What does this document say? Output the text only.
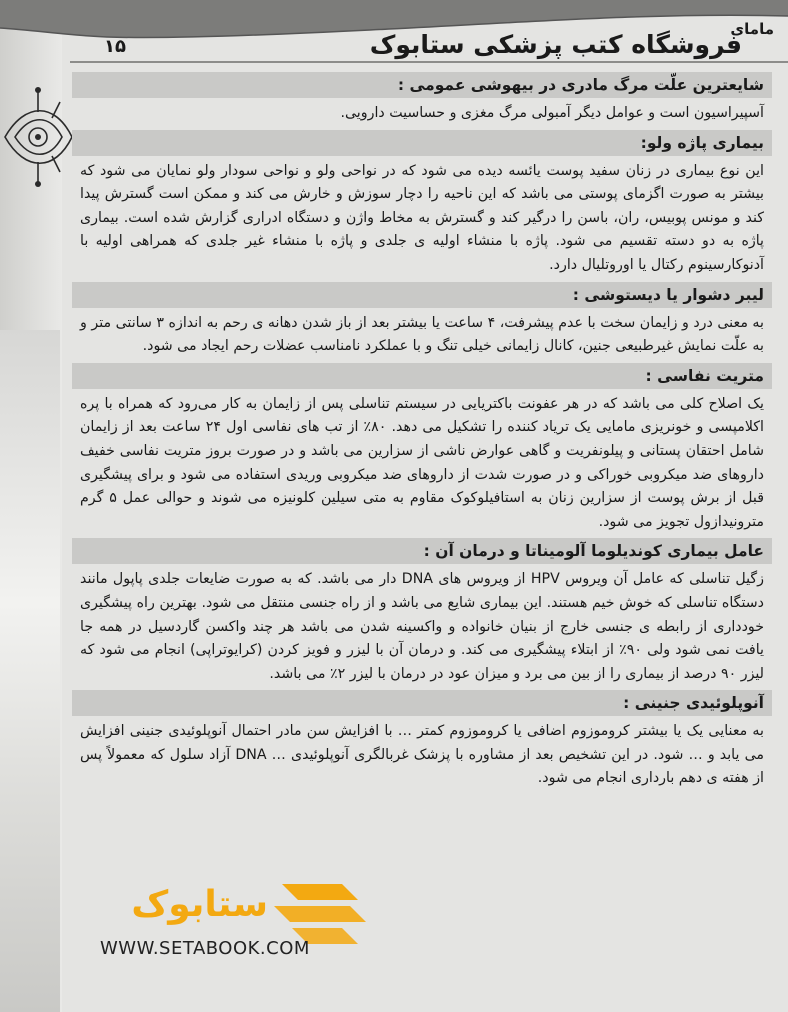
مامای
فروشگاه کتب پزشکی ستابوک
۱۵
شایعترین علّت مرگ مادری در بیهوشی عمومی :

آسپیراسیون است و عوامل دیگر آمبولی مرگ مغزی و حساسیت دارویی.

بیماری پاژه ولو:

این نوع بیماری در زنان سفید پوست یائسه دیده می شود که در نواحی ولو و نواحی سودار ولو نمایان می شود که بیشتر به صورت اگزمای پوستی می باشد که این ناحیه را دچار سوزش و خارش می کند و ممکن است گسترش پیدا کند و مونس پوبیس، ران، باسن را درگیر کند و گسترش به مخاط واژن و دستگاه ادراری گزارش شده است. بیماری پاژه به دو دسته تقسیم می شود. پاژه با منشاء اولیه ی جلدی و پاژه با منشاء غیر جلدی که همراهی اولیه با آدنوکارسینوم رکتال یا اوروتلیال دارد.

لیبر دشوار یا دیستوشی :

به معنی درد و زایمان سخت با عدم پیشرفت، ۴ ساعت یا بیشتر بعد از باز شدن دهانه ی رحم به اندازه ۳ سانتی متر و به علّت نمایش غیرطبیعی جنین، کانال زایمانی خیلی تنگ و با عملکرد نامناسب عضلات رحم ایجاد می شود.

متریت نفاسی :

یک اصلاح کلی می باشد که در هر عفونت باکتریایی در سیستم تناسلی پس از زایمان به کار می‌رود که همراه با پره اکلامپسی و خونریزی مامایی یک تریاد کننده را تشکیل می دهد. ۸۰٪ از تب های نفاسی اول ۲۴ ساعت بعد از زایمان شامل احتقان پستانی و پیلونفریت و گاهی عوارض ناشی از سزارین می باشد و در صورت بروز متریت نفاسی خفیف داروهای ضد میکروبی خوراکی و در صورت شدت از داروهای ضد میکروبی وریدی استفاده می شود و برای پیشگیری قبل از برش پوست از سزارین زنان به استافیلوکوک مقاوم به متی سیلین کلونیزه می شوند و حوالی عمل ۵ گرم مترونیدازول تجویز می شود.

عامل بیماری کوندیلوما آلومیناتا و درمان آن :

زگیل تناسلی که عامل آن ویروس HPV از ویروس های DNA دار می باشد. که به صورت ضایعات جلدی پاپول مانند دستگاه تناسلی که خوش خیم هستند. این بیماری شایع می باشد و از راه جنسی منتقل می شود. بهترین راه پیشگیری خودداری از رابطه ی جنسی خارج از بنیان خانواده و واکسینه شدن می باشد هر چند واکسن گاردسیل در همه جا یافت نمی شود ولی ۹۰٪ از ابتلاء پیشگیری می کند. و درمان آن با لیزر و فویز کردن (کرایوتراپی) انجام می شود که لیزر ۹۰ درصد از بیماری را از بین می برد و میزان عود در درمان با لیزر ۲٪ می باشد.

آنوپلوئیدی جنینی :

به معنایی یک یا بیشتر کروموزوم اضافی یا کروموزوم کمتر … با افزایش سن مادر احتمال آنوپلوئیدی جنینی افزایش می یابد و … شود. در این تشخیص بعد از مشاوره با پزشک غربالگری آنوپلوئیدی … DNA آزاد سلول که معمولاً پس از هفته ی دهم بارداری انجام می شود.

ستابوک
WWW.SETABOOK.COM
